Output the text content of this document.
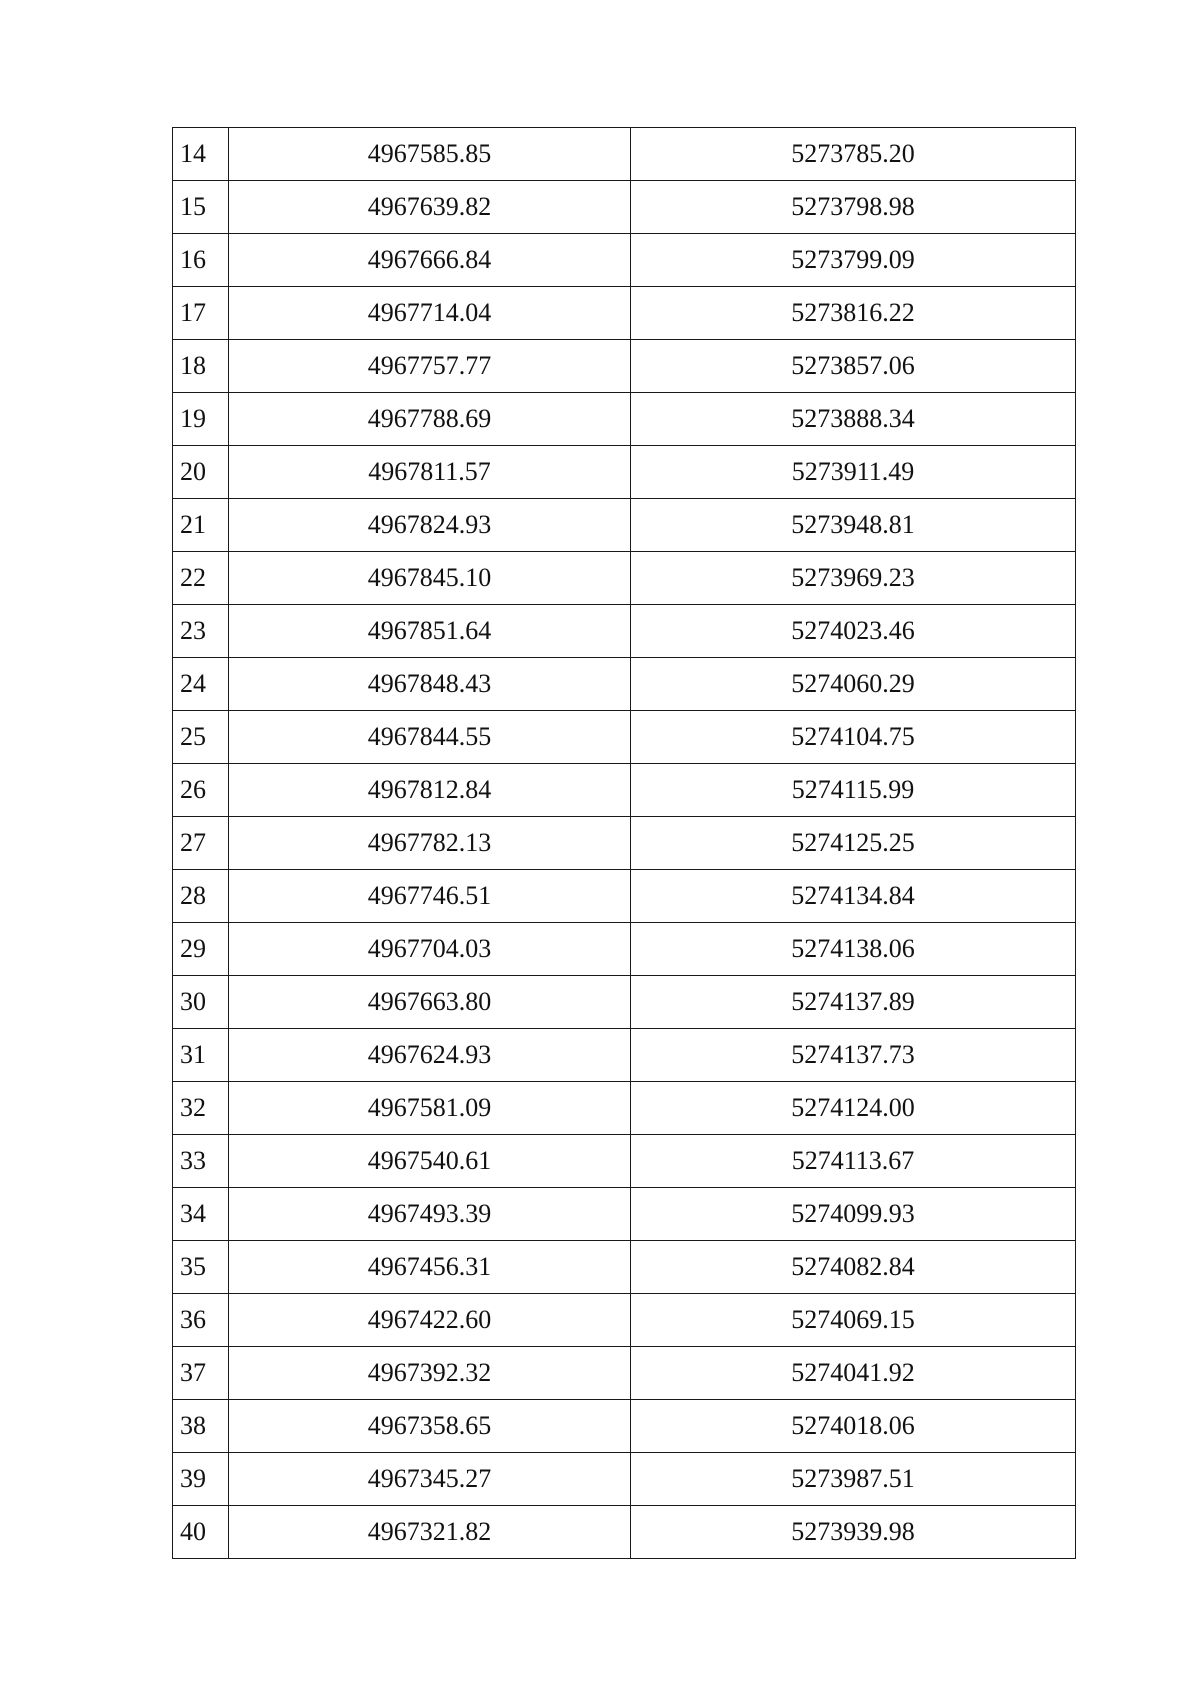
14	4967585.85	5273785.20
15	4967639.82	5273798.98
16	4967666.84	5273799.09
17	4967714.04	5273816.22
18	4967757.77	5273857.06
19	4967788.69	5273888.34
20	4967811.57	5273911.49
21	4967824.93	5273948.81
22	4967845.10	5273969.23
23	4967851.64	5274023.46
24	4967848.43	5274060.29
25	4967844.55	5274104.75
26	4967812.84	5274115.99
27	4967782.13	5274125.25
28	4967746.51	5274134.84
29	4967704.03	5274138.06
30	4967663.80	5274137.89
31	4967624.93	5274137.73
32	4967581.09	5274124.00
33	4967540.61	5274113.67
34	4967493.39	5274099.93
35	4967456.31	5274082.84
36	4967422.60	5274069.15
37	4967392.32	5274041.92
38	4967358.65	5274018.06
39	4967345.27	5273987.51
40	4967321.82	5273939.98
